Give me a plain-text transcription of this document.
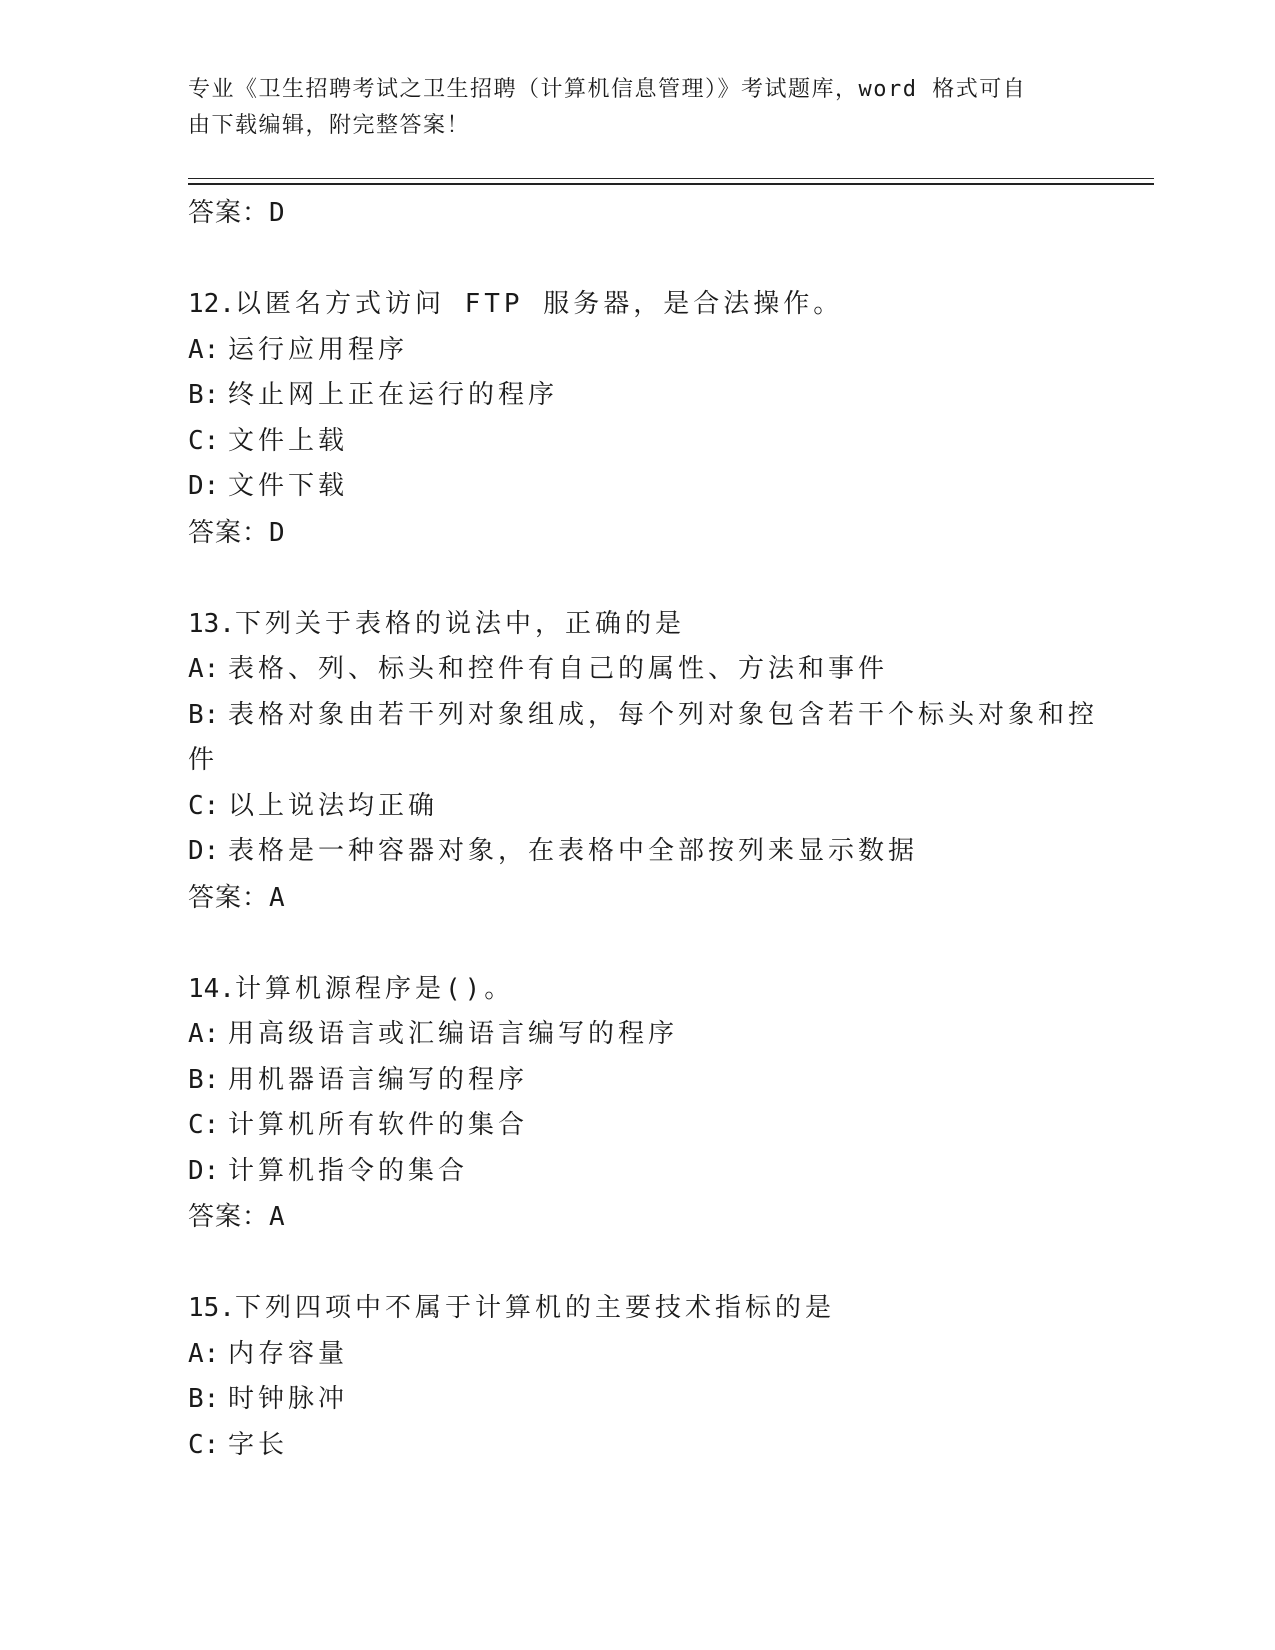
专业《卫生招聘考试之卫生招聘（计算机信息管理）》考试题库，word 格式可自
由下载编辑，附完整答案！
答案：D
12.以匿名方式访问 FTP 服务器，是合法操作。
A: 运行应用程序
B: 终止网上正在运行的程序
C: 文件上载
D: 文件下载
答案：D
13.下列关于表格的说法中，正确的是
A: 表格、列、标头和控件有自己的属性、方法和事件
B: 表格对象由若干列对象组成，每个列对象包含若干个标头对象和控
件
C: 以上说法均正确
D: 表格是一种容器对象，在表格中全部按列来显示数据
答案：A
14.计算机源程序是()。
A: 用高级语言或汇编语言编写的程序
B: 用机器语言编写的程序
C: 计算机所有软件的集合
D: 计算机指令的集合
答案：A
15.下列四项中不属于计算机的主要技术指标的是
A: 内存容量
B: 时钟脉冲
C: 字长
